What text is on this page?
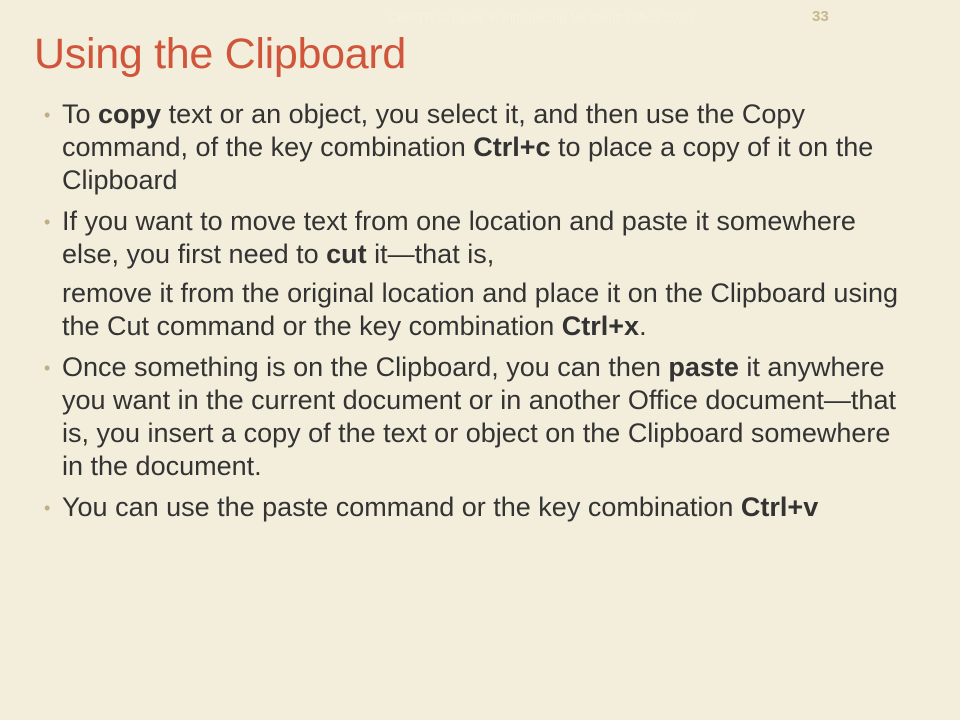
CMPTR Chapter 9: Introducing Microsoft Office 2010	33
Using the Clipboard
• To copy text or an object, you select it, and then use the Copy command, of the key combination Ctrl+c to place a copy of it on the Clipboard
• If you want to move text from one location and paste it somewhere else, you first need to cut it—that is,
remove it from the original location and place it on the Clipboard using the Cut command or the key combination Ctrl+x.
• Once something is on the Clipboard, you can then paste it anywhere you want in the current document or in another Office document—that is, you insert a copy of the text or object on the Clipboard somewhere in the document.
• You can use the paste command or the key combination Ctrl+v
